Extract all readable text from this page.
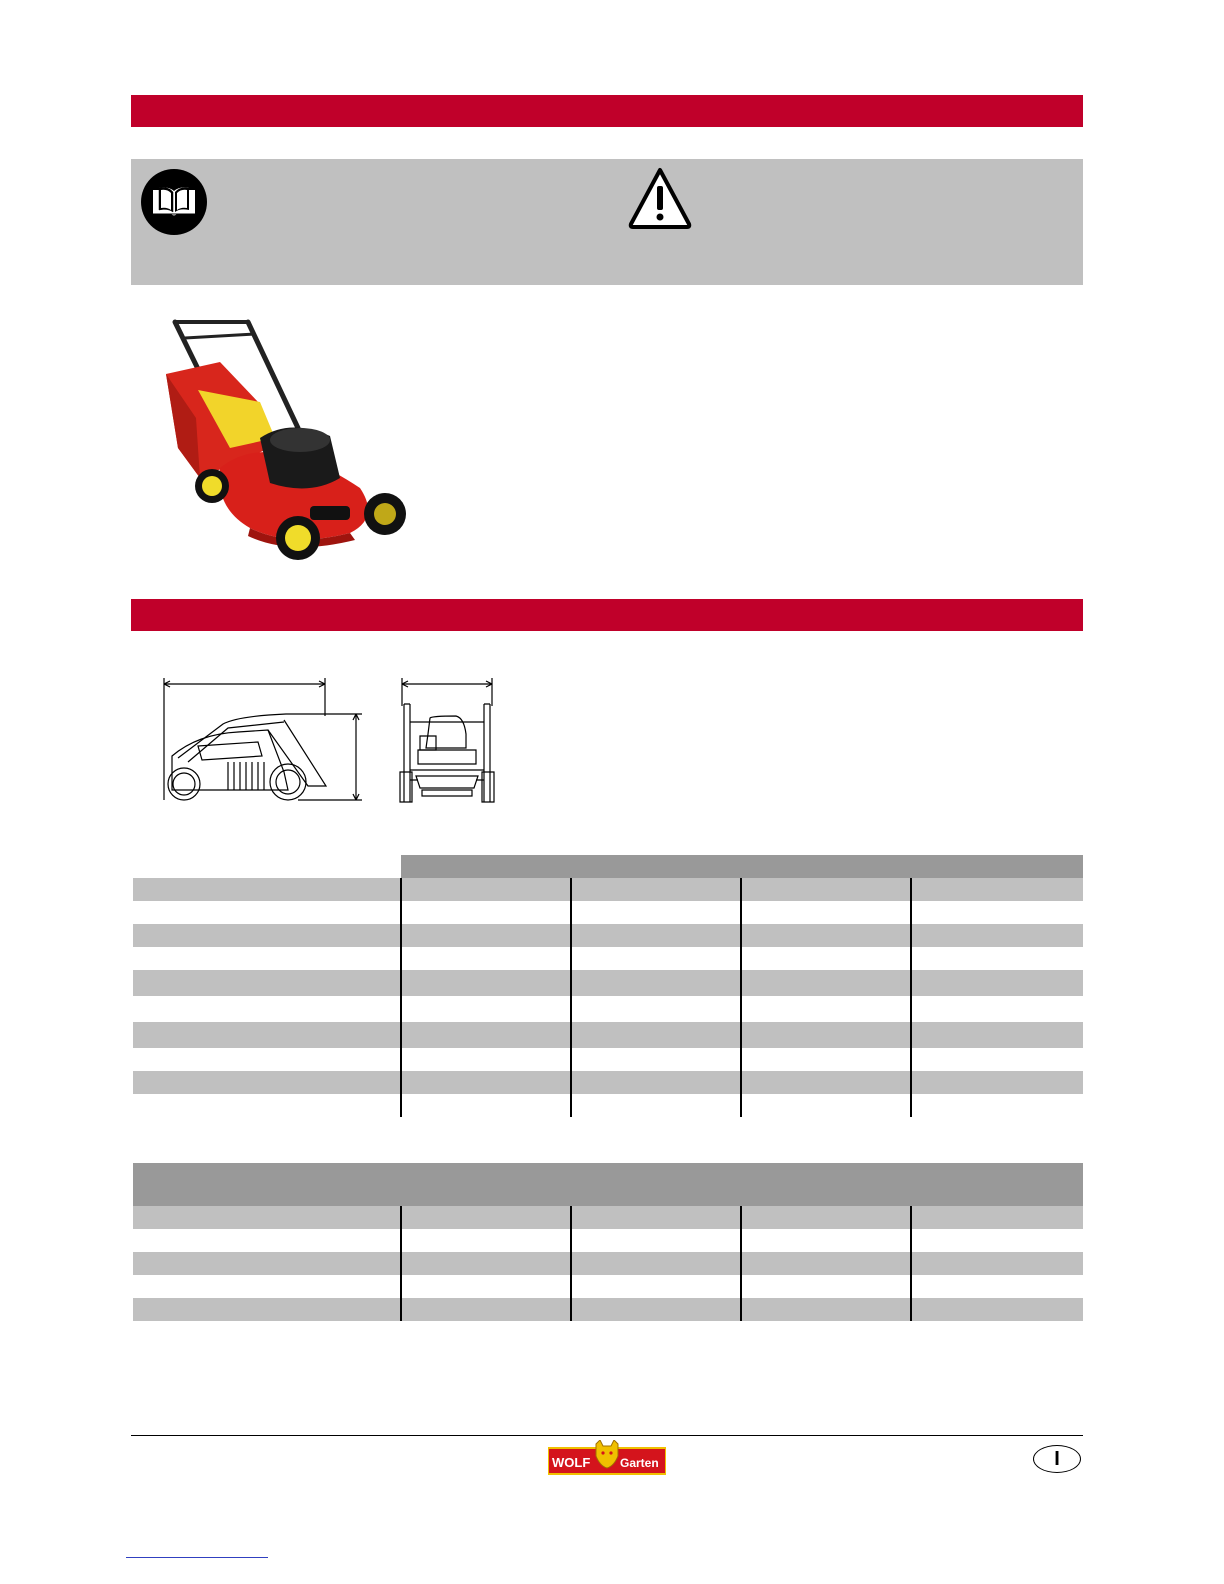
WOLF Garten	I
